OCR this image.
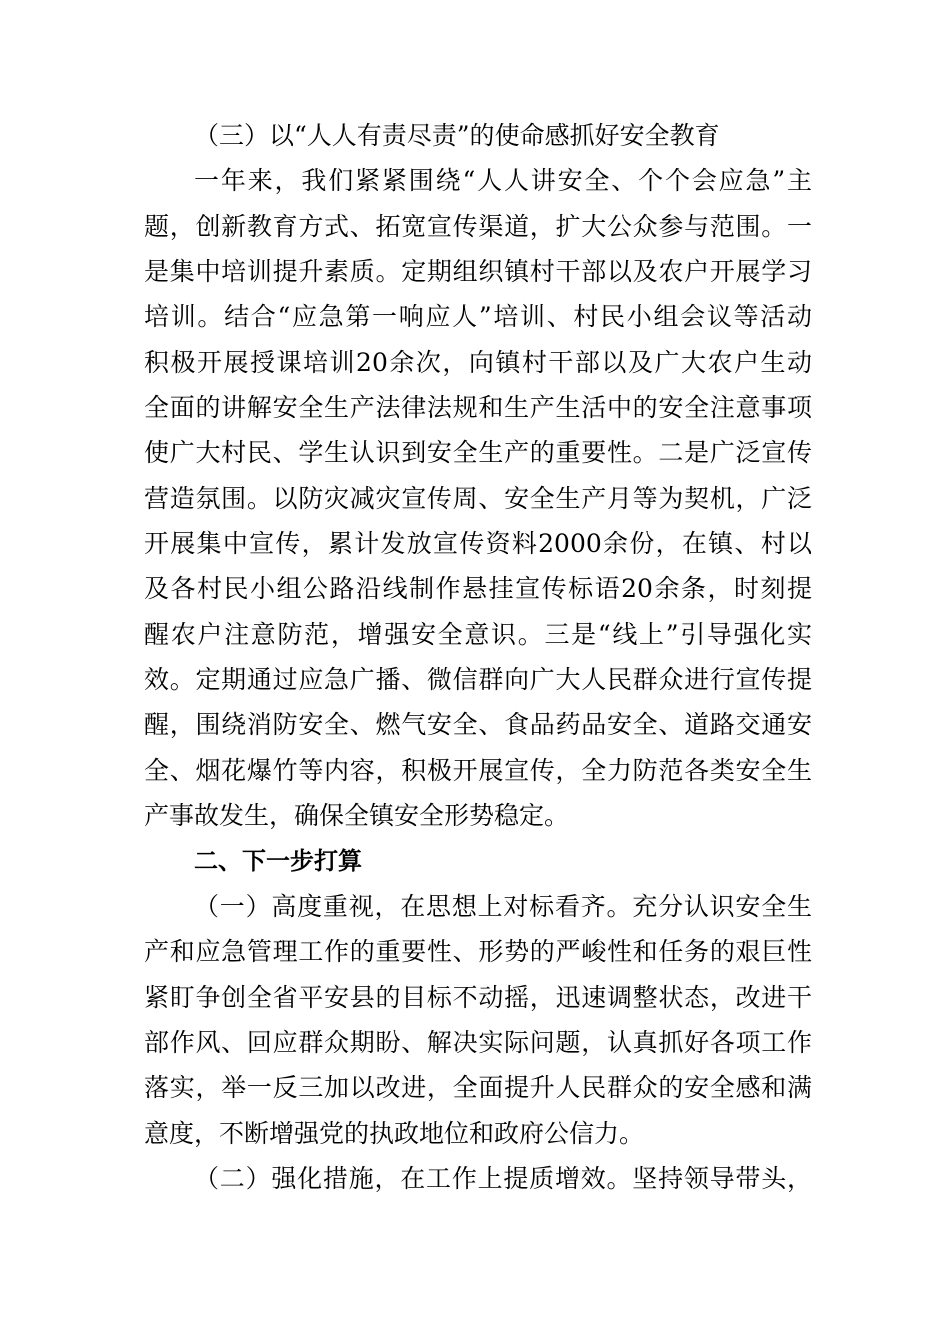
（三）以“人人有责尽责”的使命感抓好安全教育
一年来，我们紧紧围绕“人人讲安全、个个会应急”主
题，创新教育方式、拓宽宣传渠道，扩大公众参与范围。一
是集中培训提升素质。定期组织镇村干部以及农户开展学习
培训。结合“应急第一响应人”培训、村民小组会议等活动
积极开展授课培训20余次，向镇村干部以及广大农户生动
全面的讲解安全生产法律法规和生产生活中的安全注意事项
使广大村民、学生认识到安全生产的重要性。二是广泛宣传
营造氛围。以防灾减灾宣传周、安全生产月等为契机，广泛
开展集中宣传，累计发放宣传资料2000余份，在镇、村以
及各村民小组公路沿线制作悬挂宣传标语20余条，时刻提
醒农户注意防范，增强安全意识。三是“线上”引导强化实
效。定期通过应急广播、微信群向广大人民群众进行宣传提
醒，围绕消防安全、燃气安全、食品药品安全、道路交通安
全、烟花爆竹等内容，积极开展宣传，全力防范各类安全生
产事故发生，确保全镇安全形势稳定。
二、下一步打算
（一）高度重视，在思想上对标看齐。充分认识安全生
产和应急管理工作的重要性、形势的严峻性和任务的艰巨性
紧盯争创全省平安县的目标不动摇，迅速调整状态，改进干
部作风、回应群众期盼、解决实际问题，认真抓好各项工作
落实，举一反三加以改进，全面提升人民群众的安全感和满
意度，不断增强党的执政地位和政府公信力。
（二）强化措施，在工作上提质增效。坚持领导带头，
